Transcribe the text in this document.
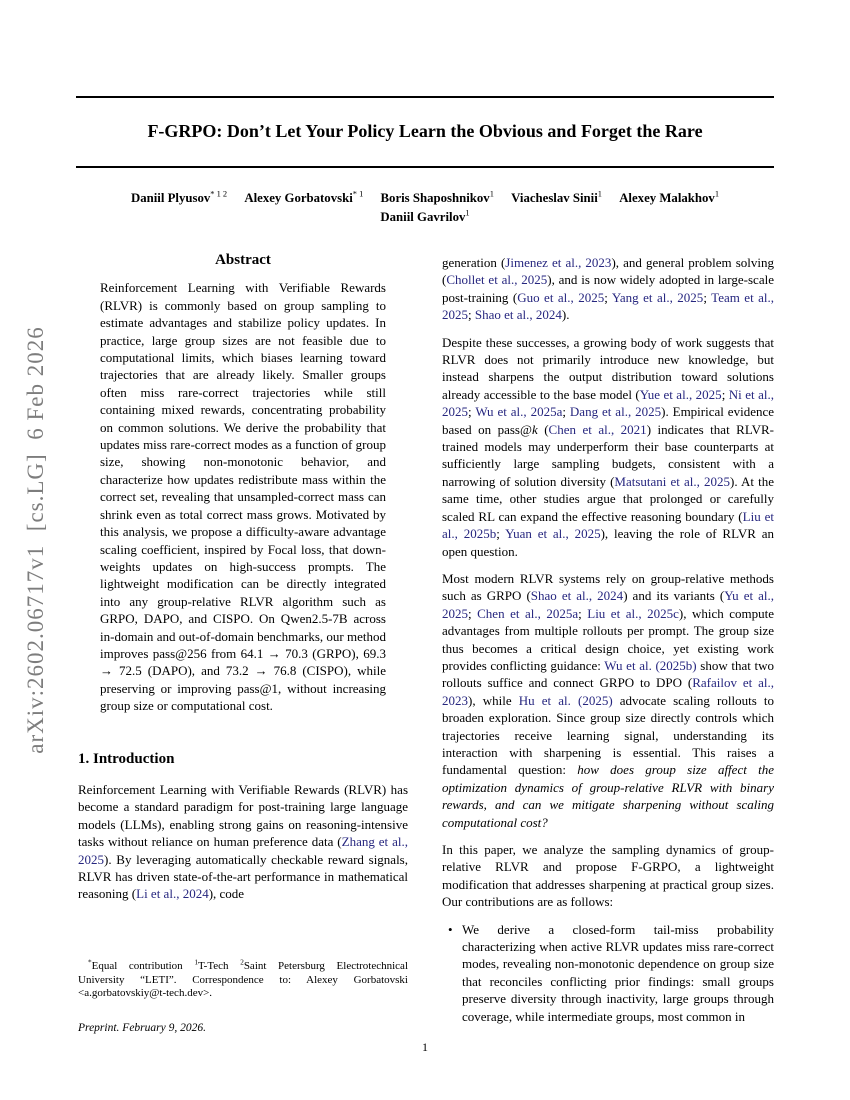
arXiv:2602.06717v1  [cs.LG]  6 Feb 2026
F-GRPO: Don’t Let Your Policy Learn the Obvious and Forget the Rare
Daniil Plyusov$^{* 1 2}$ Alexey Gorbatovski$^{* 1}$ Boris Shaposhnikov$^1$ Viacheslav Sinii$^1$ Alexey Malakhov$^1$
Daniil Gavrilov$^1$
Abstract
Reinforcement Learning with Verifiable Rewards (RLVR) is commonly based on group sampling to estimate advantages and stabilize policy updates. In practice, large group sizes are not feasible due to computational limits, which biases learning toward trajectories that are already likely. Smaller groups often miss rare-correct trajectories while still containing mixed rewards, concentrating probability on common solutions. We derive the probability that updates miss rare-correct modes as a function of group size, showing non-monotonic behavior, and characterize how updates redistribute mass within the correct set, revealing that unsampled-correct mass can shrink even as total correct mass grows. Motivated by this analysis, we propose a difficulty-aware advantage scaling coefficient, inspired by Focal loss, that down-weights updates on high-success prompts. The lightweight modification can be directly integrated into any group-relative RLVR algorithm such as GRPO, DAPO, and CISPO. On Qwen2.5-7B across in-domain and out-of-domain benchmarks, our method improves pass@256 from 64.1 → 70.3 (GRPO), 69.3 → 72.5 (DAPO), and 73.2 → 76.8 (CISPO), while preserving or improving pass@1, without increasing group size or computational cost.
1. Introduction
Reinforcement Learning with Verifiable Rewards (RLVR) has become a standard paradigm for post-training large language models (LLMs), enabling strong gains on reasoning-intensive tasks without reliance on human preference data (Zhang et al., 2025). By leveraging automatically checkable reward signals, RLVR has driven state-of-the-art performance in mathematical reasoning (Li et al., 2024), code
generation (Jimenez et al., 2023), and general problem solving (Chollet et al., 2025), and is now widely adopted in large-scale post-training (Guo et al., 2025; Yang et al., 2025; Team et al., 2025; Shao et al., 2024).
Despite these successes, a growing body of work suggests that RLVR does not primarily introduce new knowledge, but instead sharpens the output distribution toward solutions already accessible to the base model (Yue et al., 2025; Ni et al., 2025; Wu et al., 2025a; Dang et al., 2025). Empirical evidence based on pass@k (Chen et al., 2021) indicates that RLVR-trained models may underperform their base counterparts at sufficiently large sampling budgets, consistent with a narrowing of solution diversity (Matsutani et al., 2025). At the same time, other studies argue that prolonged or carefully scaled RL can expand the effective reasoning boundary (Liu et al., 2025b; Yuan et al., 2025), leaving the role of RLVR an open question.
Most modern RLVR systems rely on group-relative methods such as GRPO (Shao et al., 2024) and its variants (Yu et al., 2025; Chen et al., 2025a; Liu et al., 2025c), which compute advantages from multiple rollouts per prompt. The group size thus becomes a critical design choice, yet existing work provides conflicting guidance: Wu et al. (2025b) show that two rollouts suffice and connect GRPO to DPO (Rafailov et al., 2023), while Hu et al. (2025) advocate scaling rollouts to broaden exploration. Since group size directly controls which trajectories receive learning signal, understanding its interaction with sharpening is essential. This raises a fundamental question: how does group size affect the optimization dynamics of group-relative RLVR with binary rewards, and can we mitigate sharpening without scaling computational cost?
In this paper, we analyze the sampling dynamics of group-relative RLVR and propose F-GRPO, a lightweight modification that addresses sharpening at practical group sizes. Our contributions are as follows:
• We derive a closed-form tail-miss probability characterizing when active RLVR updates miss rare-correct modes, revealing non-monotonic dependence on group size that reconciles conflicting prior findings: small groups preserve diversity through inactivity, large groups through coverage, while intermediate groups, most common in
*Equal contribution $^1$T-Tech $^2$Saint Petersburg Electrotechnical University “LETI”. Correspondence to: Alexey Gorbatovski <a.gorbatovskiy@t-tech.dev>.
Preprint. February 9, 2026.
1
